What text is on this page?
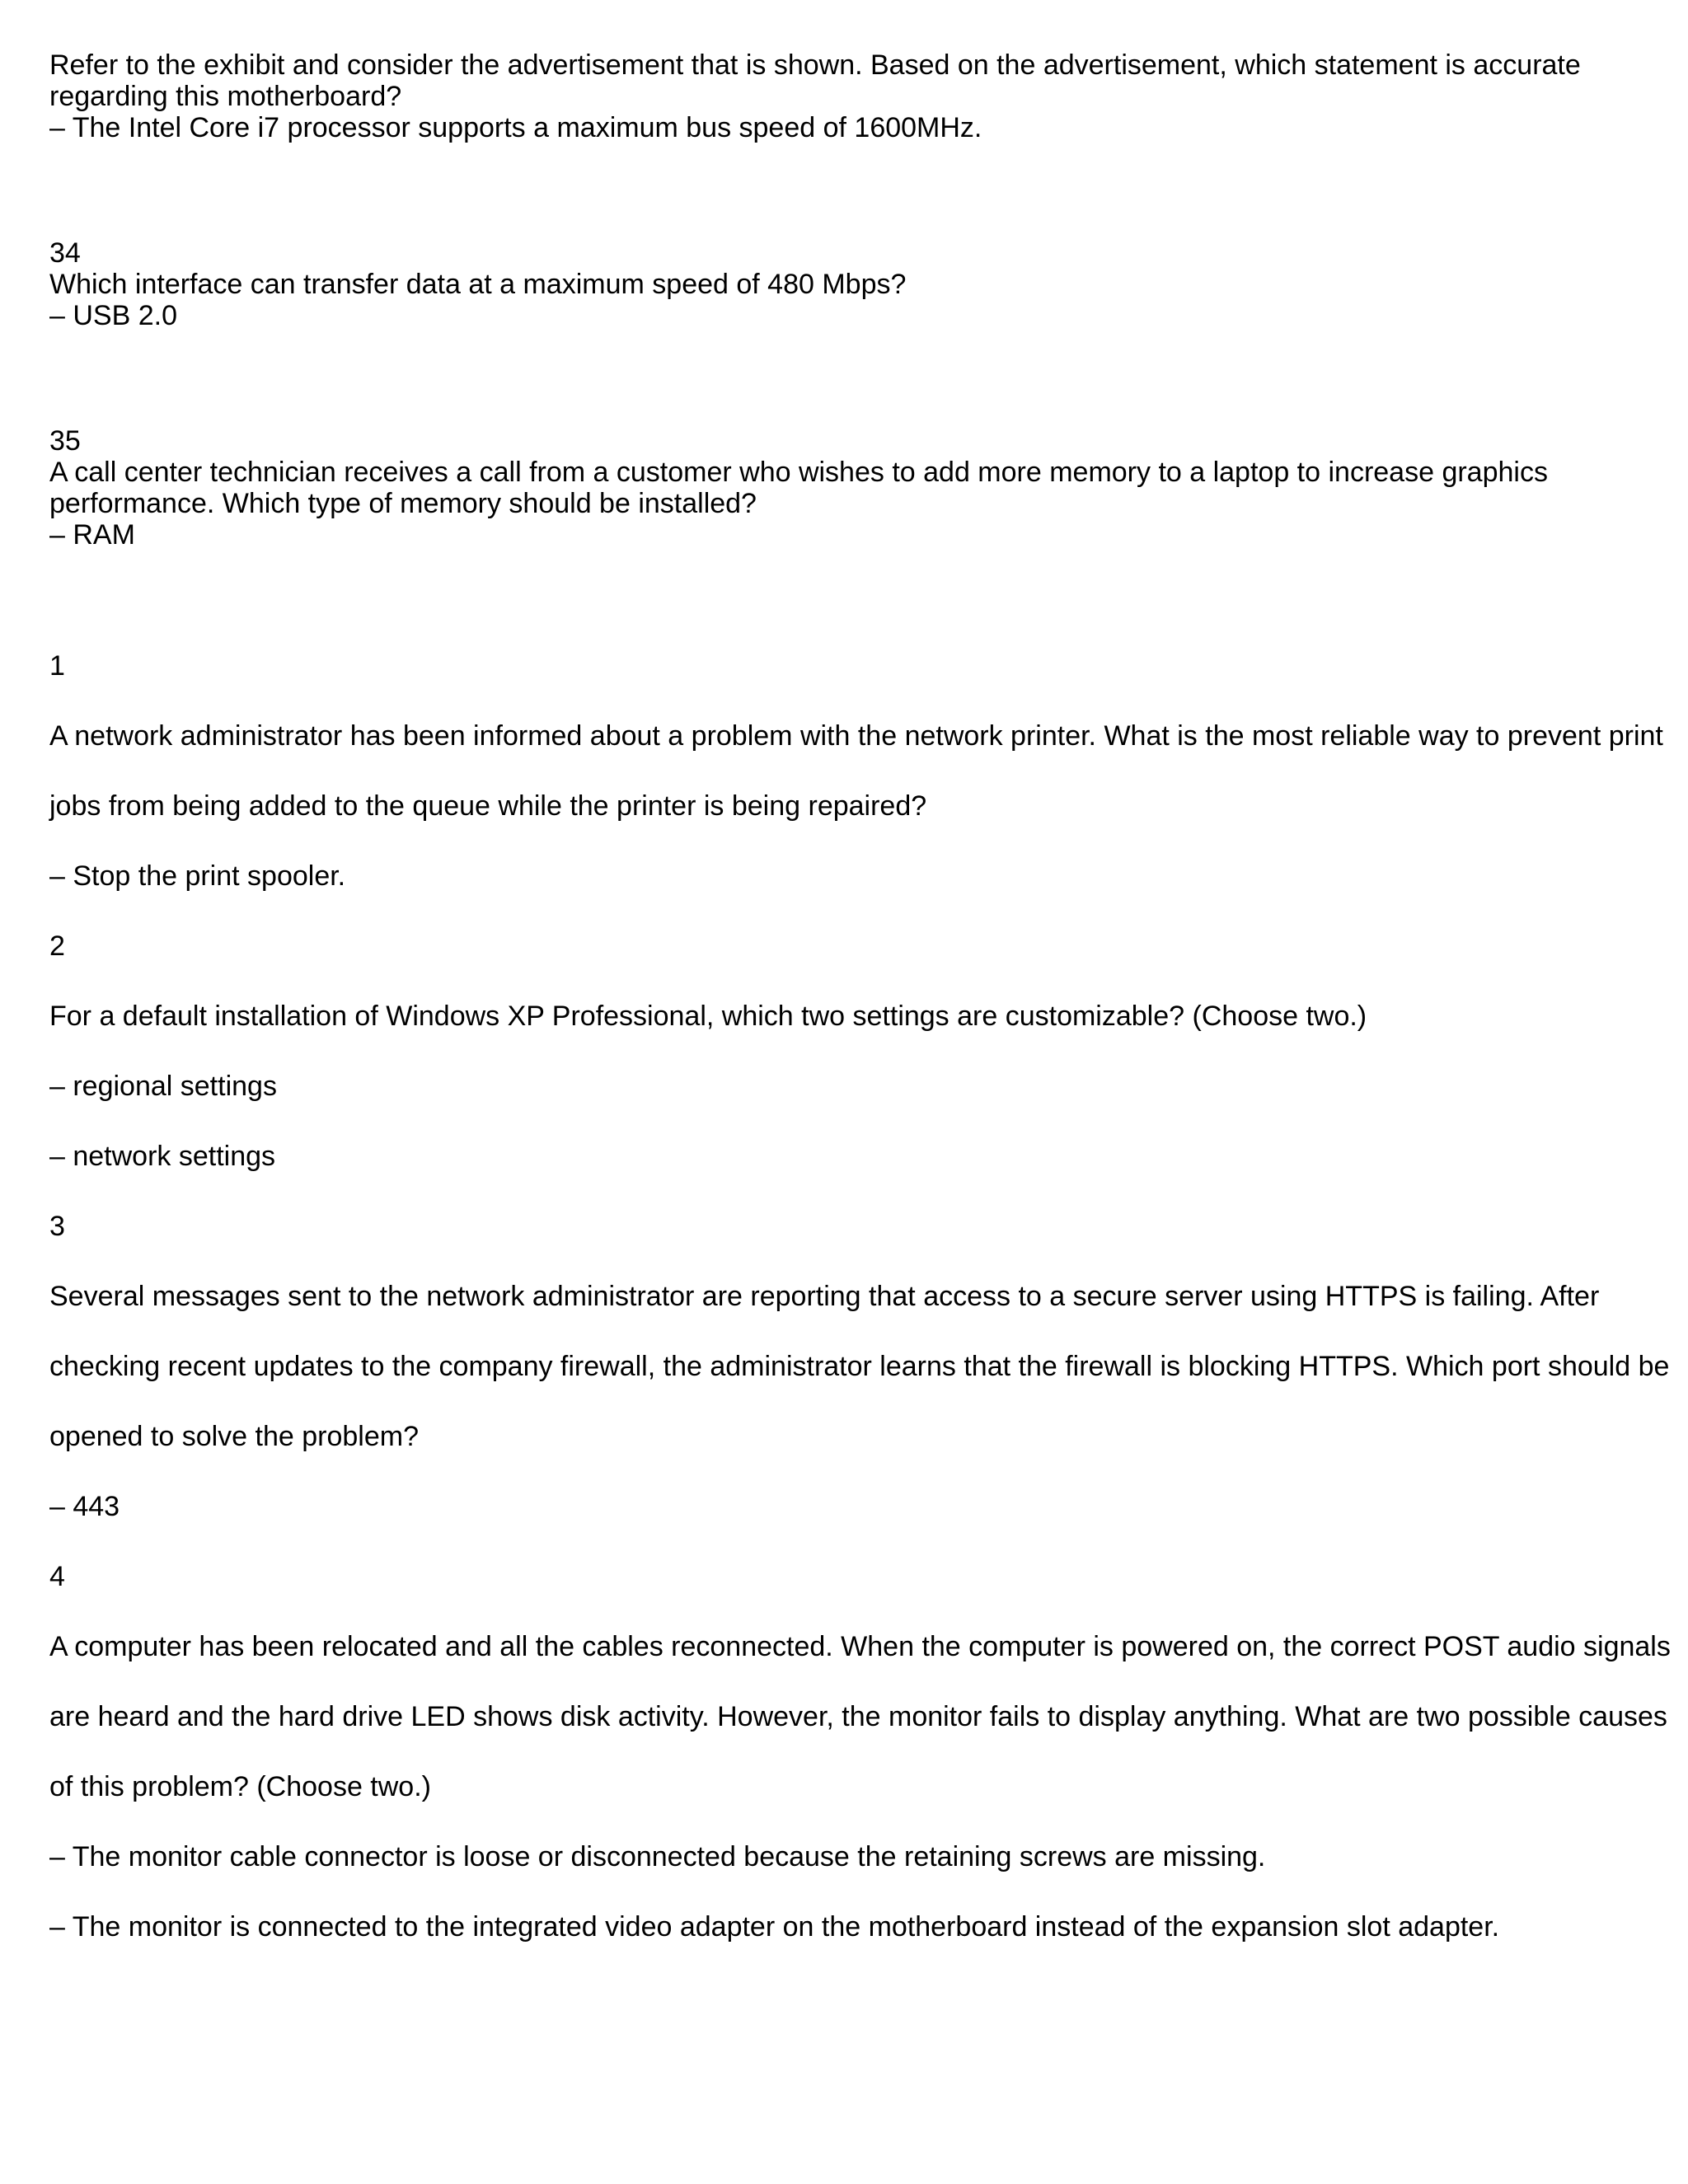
Refer to the exhibit and consider the advertisement that is shown. Based on the advertisement, which statement is accurate

regarding this motherboard?

– The Intel Core i7 processor supports a maximum bus speed of 1600MHz.

34

Which interface can transfer data at a maximum speed of 480 Mbps?

– USB 2.0

35

A call center technician receives a call from a customer who wishes to add more memory to a laptop to increase graphics

performance. Which type of memory should be installed?

– RAM

1

A network administrator has been informed about a problem with the network printer. What is the most reliable way to prevent print

jobs from being added to the queue while the printer is being repaired?

– Stop the print spooler.

2

For a default installation of Windows XP Professional, which two settings are customizable? (Choose two.)

– regional settings

– network settings

3

Several messages sent to the network administrator are reporting that access to a secure server using HTTPS is failing. After

checking recent updates to the company firewall, the administrator learns that the firewall is blocking HTTPS. Which port should be

opened to solve the problem?

– 443

4

A computer has been relocated and all the cables reconnected. When the computer is powered on, the correct POST audio signals

are heard and the hard drive LED shows disk activity. However, the monitor fails to display anything. What are two possible causes

of this problem? (Choose two.)

– The monitor cable connector is loose or disconnected because the retaining screws are missing.

– The monitor is connected to the integrated video adapter on the motherboard instead of the expansion slot adapter.
